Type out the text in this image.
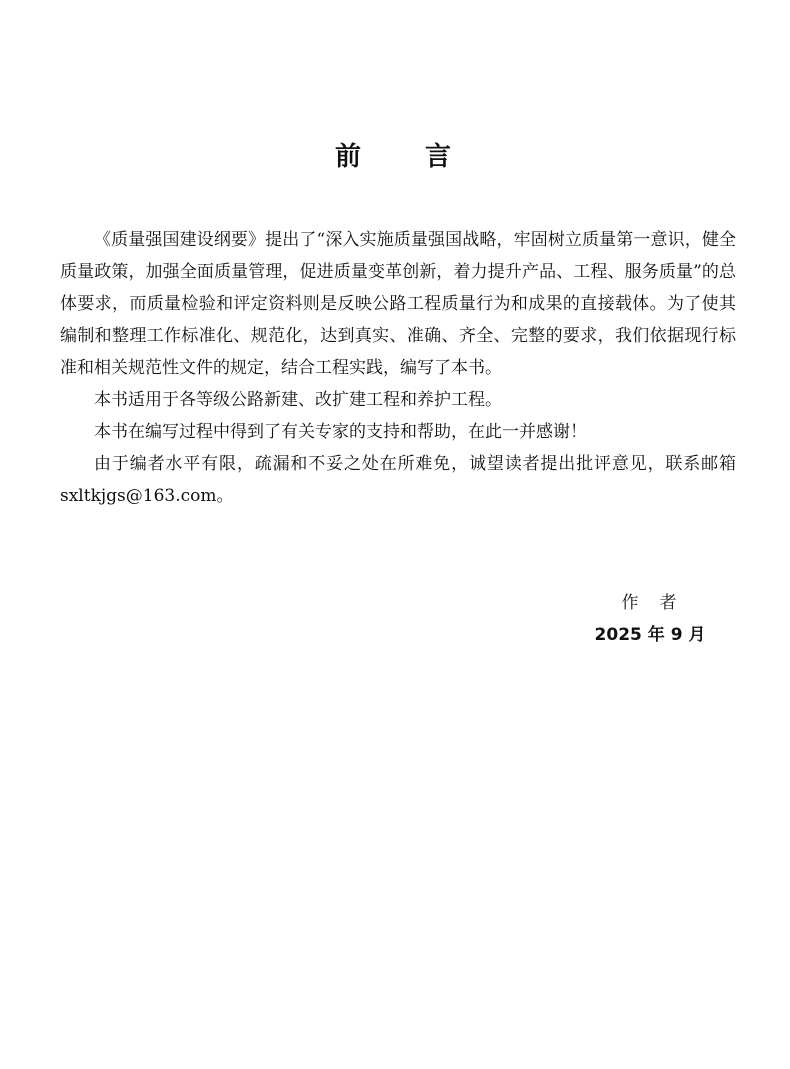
前　　言

《质量强国建设纲要》提出了“深入实施质量强国战略，牢固树立质量第一意识，健全质量政策，加强全面质量管理，促进质量变革创新，着力提升产品、工程、服务质量”的总体要求，而质量检验和评定资料则是反映公路工程质量行为和成果的直接载体。为了使其编制和整理工作标准化、规范化，达到真实、准确、齐全、完整的要求，我们依据现行标准和相关规范性文件的规定，结合工程实践，编写了本书。

本书适用于各等级公路新建、改扩建工程和养护工程。

本书在编写过程中得到了有关专家的支持和帮助，在此一并感谢！

由于编者水平有限，疏漏和不妥之处在所难免，诚望读者提出批评意见，联系邮箱 sxltkjgs@163.com。

作　者
2025 年 9 月
